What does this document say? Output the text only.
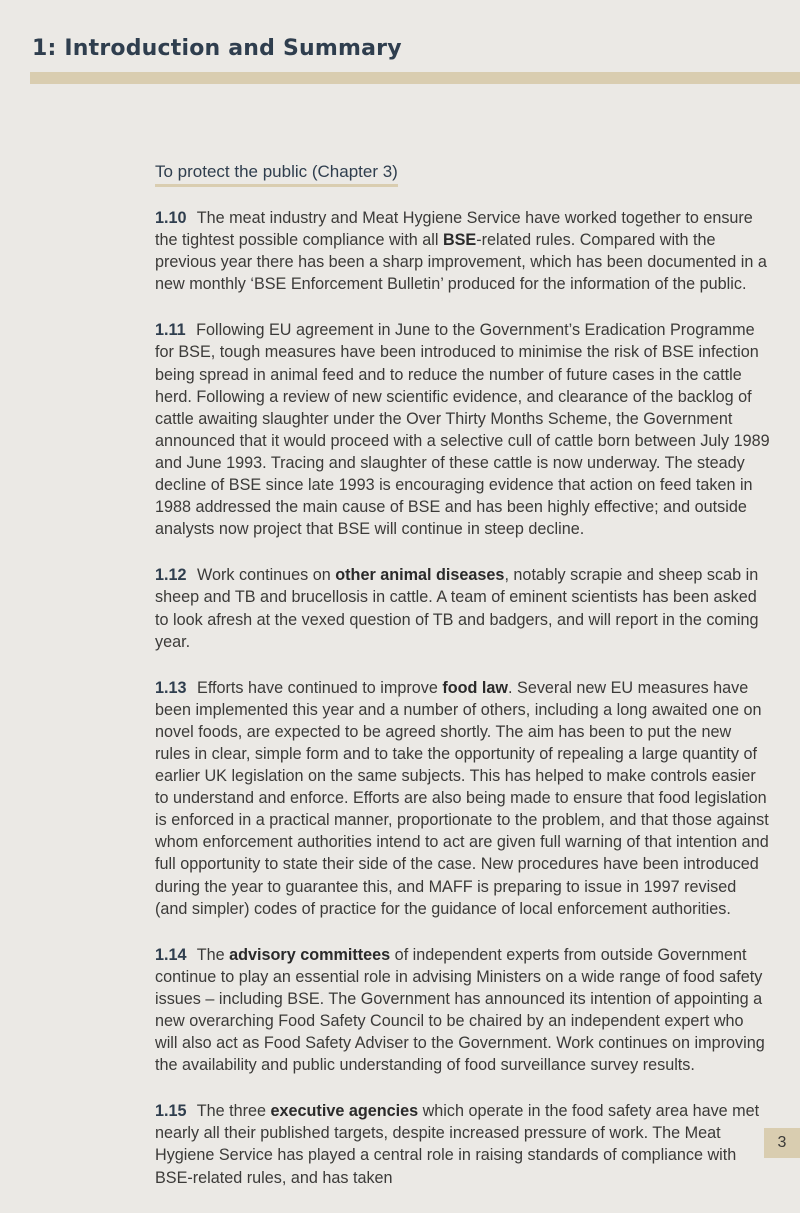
1: Introduction and Summary
To protect the public (Chapter 3)

1.10 The meat industry and Meat Hygiene Service have worked together to ensure the tightest possible compliance with all BSE-related rules. Compared with the previous year there has been a sharp improvement, which has been documented in a new monthly ‘BSE Enforcement Bulletin’ produced for the information of the public.

1.11 Following EU agreement in June to the Government’s Eradication Programme for BSE, tough measures have been introduced to minimise the risk of BSE infection being spread in animal feed and to reduce the number of future cases in the cattle herd. Following a review of new scientific evidence, and clearance of the backlog of cattle awaiting slaughter under the Over Thirty Months Scheme, the Government announced that it would proceed with a selective cull of cattle born between July 1989 and June 1993. Tracing and slaughter of these cattle is now underway. The steady decline of BSE since late 1993 is encouraging evidence that action on feed taken in 1988 addressed the main cause of BSE and has been highly effective; and outside analysts now project that BSE will continue in steep decline.

1.12 Work continues on other animal diseases, notably scrapie and sheep scab in sheep and TB and brucellosis in cattle. A team of eminent scientists has been asked to look afresh at the vexed question of TB and badgers, and will report in the coming year.

1.13 Efforts have continued to improve food law. Several new EU measures have been implemented this year and a number of others, including a long awaited one on novel foods, are expected to be agreed shortly. The aim has been to put the new rules in clear, simple form and to take the opportunity of repealing a large quantity of earlier UK legislation on the same subjects. This has helped to make controls easier to understand and enforce. Efforts are also being made to ensure that food legislation is enforced in a practical manner, proportionate to the problem, and that those against whom enforcement authorities intend to act are given full warning of that intention and full opportunity to state their side of the case. New procedures have been introduced during the year to guarantee this, and MAFF is preparing to issue in 1997 revised (and simpler) codes of practice for the guidance of local enforcement authorities.

1.14 The advisory committees of independent experts from outside Government continue to play an essential role in advising Ministers on a wide range of food safety issues – including BSE. The Government has announced its intention of appointing a new overarching Food Safety Council to be chaired by an independent expert who will also act as Food Safety Adviser to the Government. Work continues on improving the availability and public understanding of food surveillance survey results.

1.15 The three executive agencies which operate in the food safety area have met nearly all their published targets, despite increased pressure of work. The Meat Hygiene Service has played a central role in raising standards of compliance with BSE-related rules, and has taken

3
